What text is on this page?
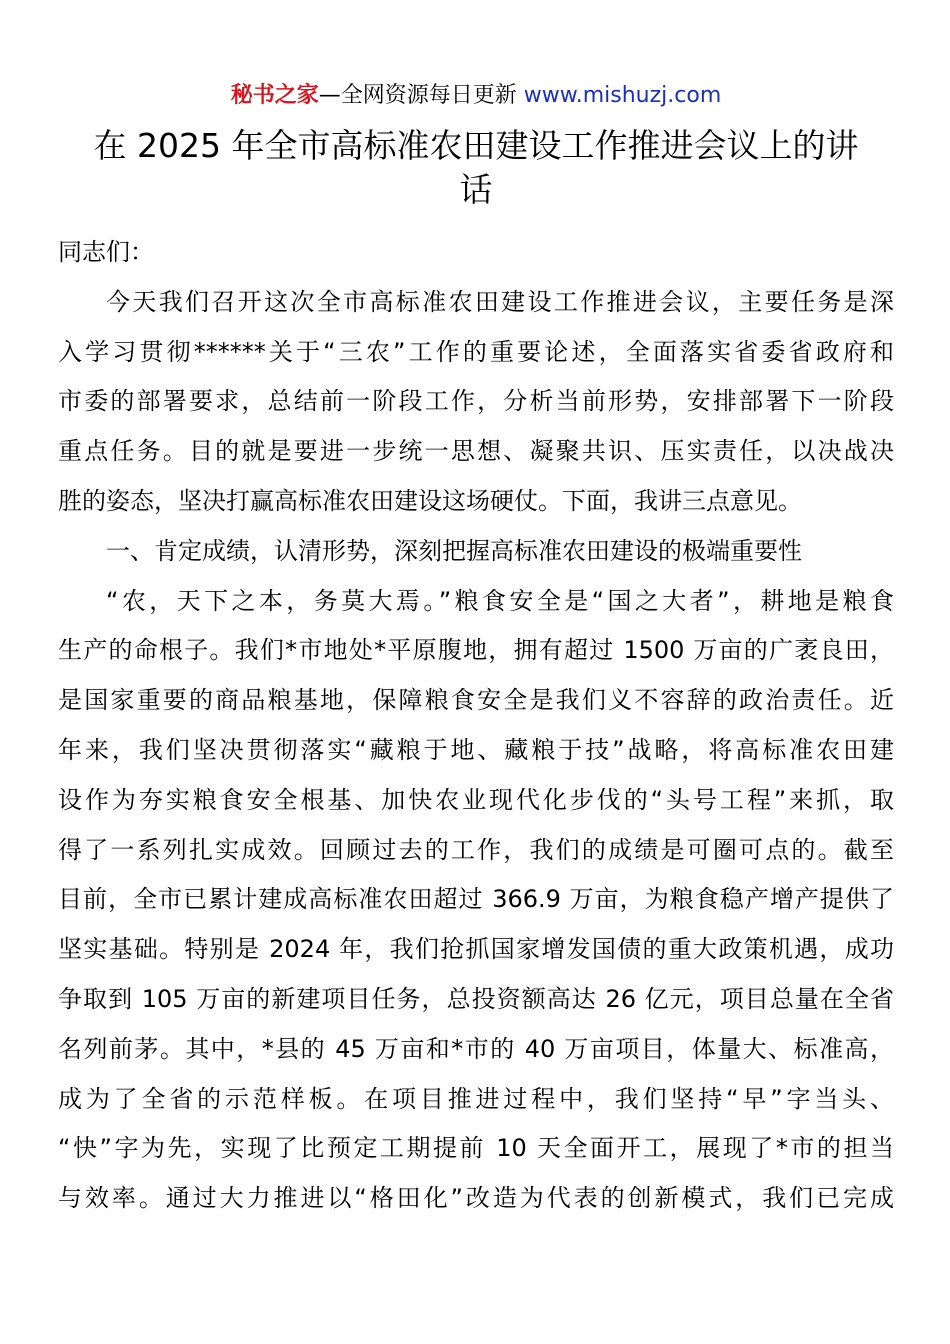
秘书之家—全网资源每日更新 www.mishuzj.com
在 2025 年全市高标准农田建设工作推进会议上的讲
话
同志们：
今天我们召开这次全市高标准农田建设工作推进会议，主要任务是深
入学习贯彻******关于“三农”工作的重要论述，全面落实省委省政府和
市委的部署要求，总结前一阶段工作，分析当前形势，安排部署下一阶段
重点任务。目的就是要进一步统一思想、凝聚共识、压实责任，以决战决
胜的姿态，坚决打赢高标准农田建设这场硬仗。下面，我讲三点意见。
一、肯定成绩，认清形势，深刻把握高标准农田建设的极端重要性
“农，天下之本，务莫大焉。”粮食安全是“国之大者”，耕地是粮食
生产的命根子。我们*市地处*平原腹地，拥有超过 1500 万亩的广袤良田，
是国家重要的商品粮基地，保障粮食安全是我们义不容辞的政治责任。近
年来，我们坚决贯彻落实“藏粮于地、藏粮于技”战略，将高标准农田建
设作为夯实粮食安全根基、加快农业现代化步伐的“头号工程”来抓，取
得了一系列扎实成效。回顾过去的工作，我们的成绩是可圈可点的。截至
目前，全市已累计建成高标准农田超过 366.9 万亩，为粮食稳产增产提供了
坚实基础。特别是 2024 年，我们抢抓国家增发国债的重大政策机遇，成功
争取到 105 万亩的新建项目任务，总投资额高达 26 亿元，项目总量在全省
名列前茅。其中，*县的 45 万亩和*市的 40 万亩项目，体量大、标准高，
成为了全省的示范样板。在项目推进过程中，我们坚持“早”字当头、
“快”字为先，实现了比预定工期提前 10 天全面开工，展现了*市的担当
与效率。通过大力推进以“格田化”改造为代表的创新模式，我们已完成
